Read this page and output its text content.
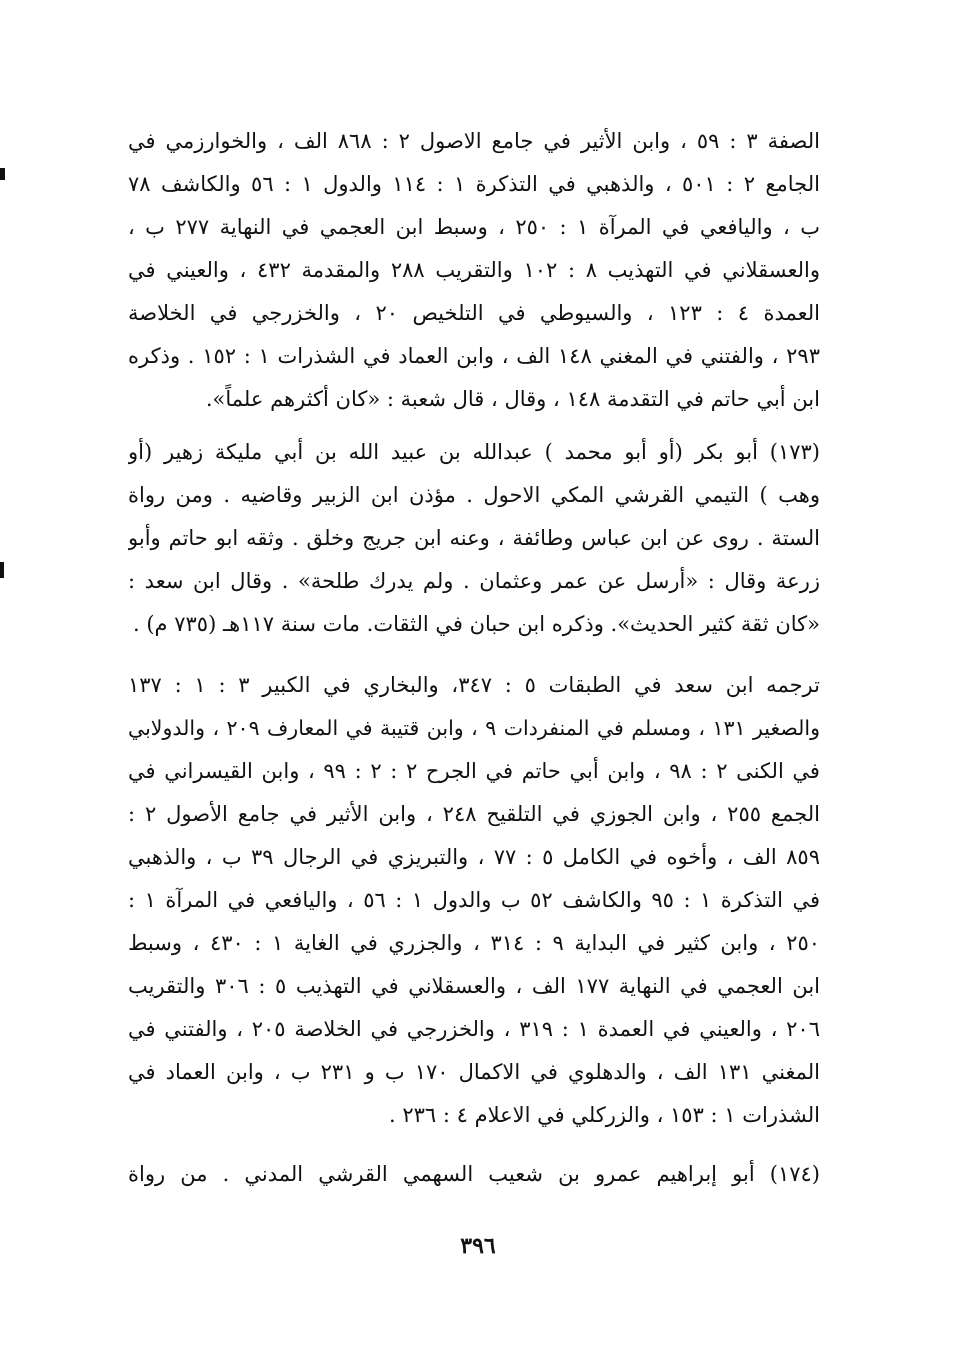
الصفة ٣ : ٥٩ ، وابن الأثير في جامع الاصول ٢ : ٨٦٨ الف ، والخوارزمي في
الجامع ٢ : ٥٠١ ، والذهبي في التذكرة ١ : ١١٤ والدول ١ : ٥٦ والكاشف ٧٨
ب ، واليافعي في المرآة ١ : ٢٥٠ ، وسبط ابن العجمي في النهاية ٢٧٧ ب ،
والعسقلاني في التهذيب ٨ : ١٠٢ والتقريب ٢٨٨ والمقدمة ٤٣٢ ، والعيني في
العمدة ٤ : ١٢٣ ، والسيوطي في التلخيص ٢٠ ، والخزرجي في الخلاصة
٢٩٣ ، والفتني في المغني ١٤٨ الف ، وابن العماد في الشذرات ١ : ١٥٢ . وذكره
ابن أبي حاتم في التقدمة ١٤٨ ، وقال ، قال شعبة : «كان أكثرهم علماً».
(١٧٣) أبو بكر (أو أبو محمد ) عبدالله بن عبيد الله بن أبي مليكة زهير (أو
وهب ) التيمي القرشي المكي الاحول . مؤذن ابن الزبير وقاضيه . ومن رواة
الستة . روى عن ابن عباس وطائفة ، وعنه ابن جريج وخلق . وثقه ابو حاتم وأبو
زرعة وقال : «أرسل عن عمر وعثمان . ولم يدرك طلحة» . وقال ابن سعد :
«كان ثقة كثير الحديث». وذكره ابن حبان في الثقات. مات سنة ١١٧هـ (٧٣٥ م) .
ترجمه ابن سعد في الطبقات ٥ : ٣٤٧، والبخاري في الكبير ٣ : ١ : ١٣٧
والصغير ١٣١ ، ومسلم في المنفردات ٩ ، وابن قتيبة في المعارف ٢٠٩ ، والدولابي
في الكنى ٢ : ٩٨ ، وابن أبي حاتم في الجرح ٢ : ٢ : ٩٩ ، وابن القيسراني في
الجمع ٢٥٥ ، وابن الجوزي في التلقيح ٢٤٨ ، وابن الأثير في جامع الأصول ٢ :
٨٥٩ الف ، وأخوه في الكامل ٥ : ٧٧ ، والتبريزي في الرجال ٣٩ ب ، والذهبي
في التذكرة ١ : ٩٥ والكاشف ٥٢ ب والدول ١ : ٥٦ ، واليافعي في المرآة ١ :
٢٥٠ ، وابن كثير في البداية ٩ : ٣١٤ ، والجزري في الغاية ١ : ٤٣٠ ، وسبط
ابن العجمي في النهاية ١٧٧ الف ، والعسقلاني في التهذيب ٥ : ٣٠٦ والتقريب
٢٠٦ ، والعيني في العمدة ١ : ٣١٩ ، والخزرجي في الخلاصة ٢٠٥ ، والفتني في
المغني ١٣١ الف ، والدهلوي في الاكمال ١٧٠ ب و ٢٣١ ب ، وابن العماد في
الشذرات ١ : ١٥٣ ، والزركلي في الاعلام ٤ : ٢٣٦ .
(١٧٤) أبو إبراهيم عمرو بن شعيب السهمي القرشي المدني . من رواة
٣٩٦
